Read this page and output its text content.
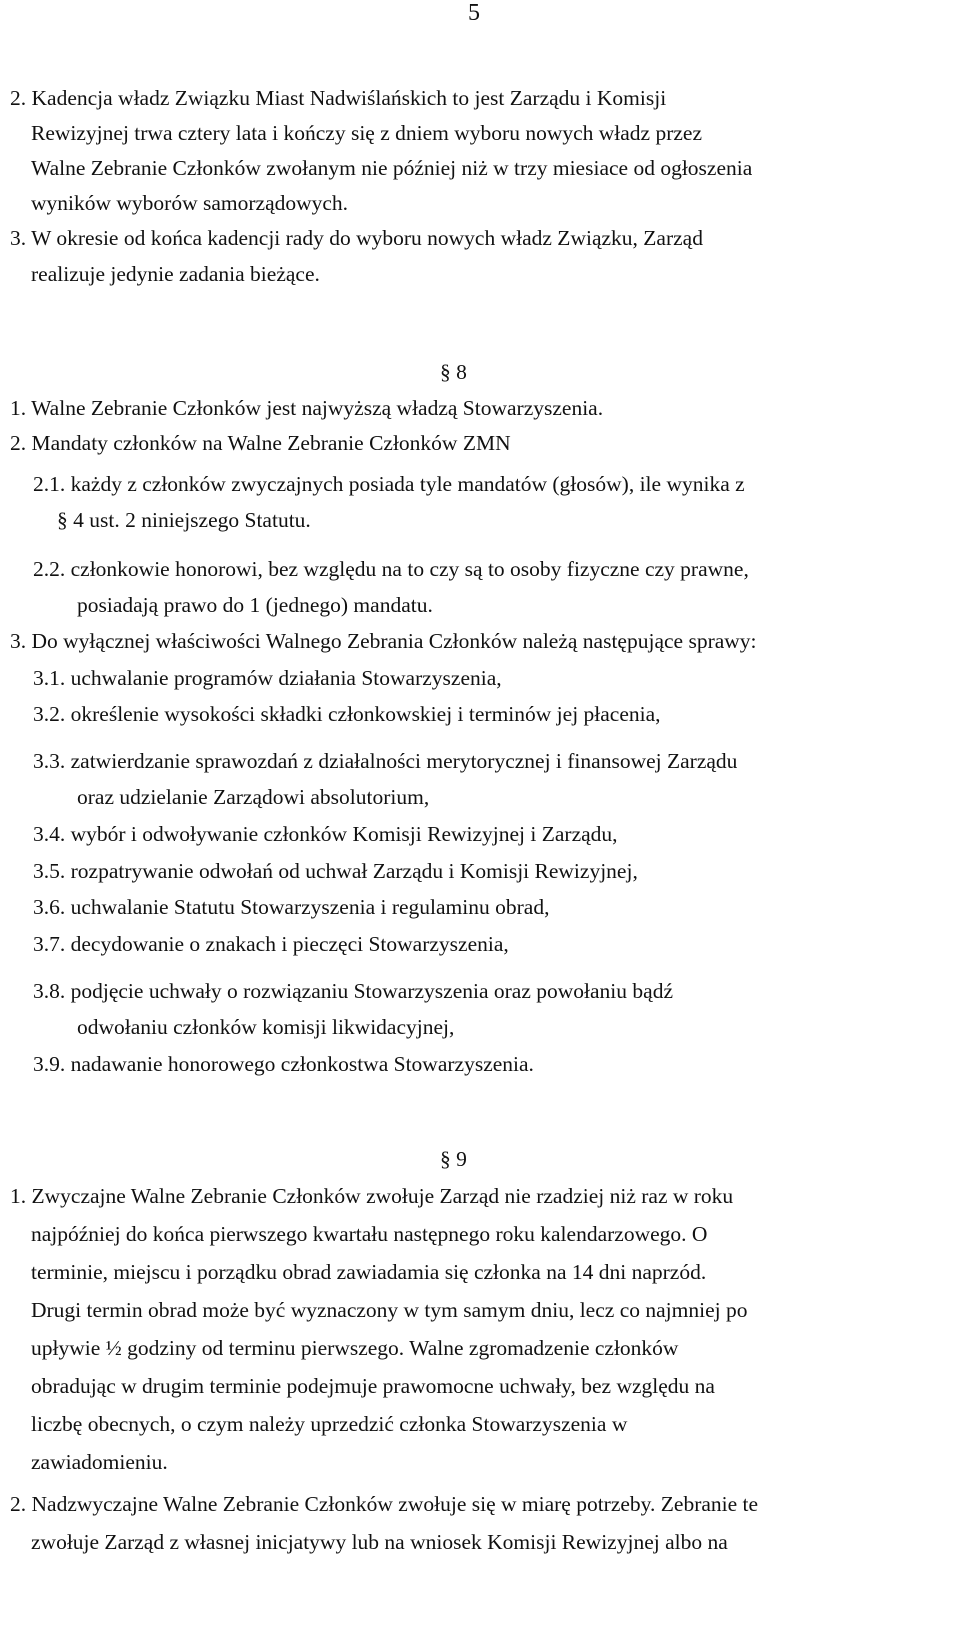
5
2. Kadencja władz Związku Miast Nadwiślańskich to jest Zarządu i Komisji
Rewizyjnej trwa cztery lata i kończy się z dniem wyboru nowych władz przez
Walne Zebranie Członków zwołanym nie później niż w trzy miesiace od ogłoszenia
wyników wyborów samorządowych.
3. W okresie od końca kadencji rady do wyboru nowych władz Związku, Zarząd
realizuje jedynie zadania bieżące.
§ 8
1. Walne Zebranie Członków jest najwyższą władzą Stowarzyszenia.
2. Mandaty członków na Walne Zebranie Członków ZMN
2.1. każdy z członków zwyczajnych posiada tyle mandatów (głosów), ile wynika z
§ 4 ust. 2 niniejszego Statutu.
2.2. członkowie honorowi, bez względu na to czy są to osoby fizyczne czy prawne,
posiadają prawo do 1 (jednego) mandatu.
3. Do wyłącznej właściwości Walnego Zebrania Członków należą następujące sprawy:
3.1. uchwalanie programów działania Stowarzyszenia,
3.2. określenie wysokości składki członkowskiej i terminów jej płacenia,
3.3. zatwierdzanie sprawozdań z działalności merytorycznej i finansowej Zarządu
oraz udzielanie Zarządowi absolutorium,
3.4. wybór i odwoływanie członków Komisji Rewizyjnej i Zarządu,
3.5. rozpatrywanie odwołań od uchwał Zarządu i Komisji Rewizyjnej,
3.6. uchwalanie Statutu Stowarzyszenia i regulaminu obrad,
3.7. decydowanie o znakach i pieczęci Stowarzyszenia,
3.8. podjęcie uchwały o rozwiązaniu Stowarzyszenia oraz powołaniu bądź
odwołaniu członków komisji likwidacyjnej,
3.9. nadawanie honorowego członkostwa Stowarzyszenia.
§ 9
1. Zwyczajne Walne Zebranie Członków zwołuje Zarząd nie rzadziej niż raz w roku
najpóźniej do końca pierwszego kwartału następnego roku kalendarzowego. O
terminie, miejscu i porządku obrad zawiadamia się członka na 14 dni naprzód.
Drugi termin obrad może być wyznaczony w tym samym dniu, lecz co najmniej po
upływie ½ godziny od terminu pierwszego. Walne zgromadzenie członków
obradując w drugim terminie podejmuje prawomocne uchwały, bez względu na
liczbę obecnych, o czym należy uprzedzić członka Stowarzyszenia w
zawiadomieniu.
2. Nadzwyczajne Walne Zebranie Członków zwołuje się w miarę potrzeby. Zebranie te
zwołuje Zarząd z własnej inicjatywy lub na wniosek Komisji Rewizyjnej albo na
